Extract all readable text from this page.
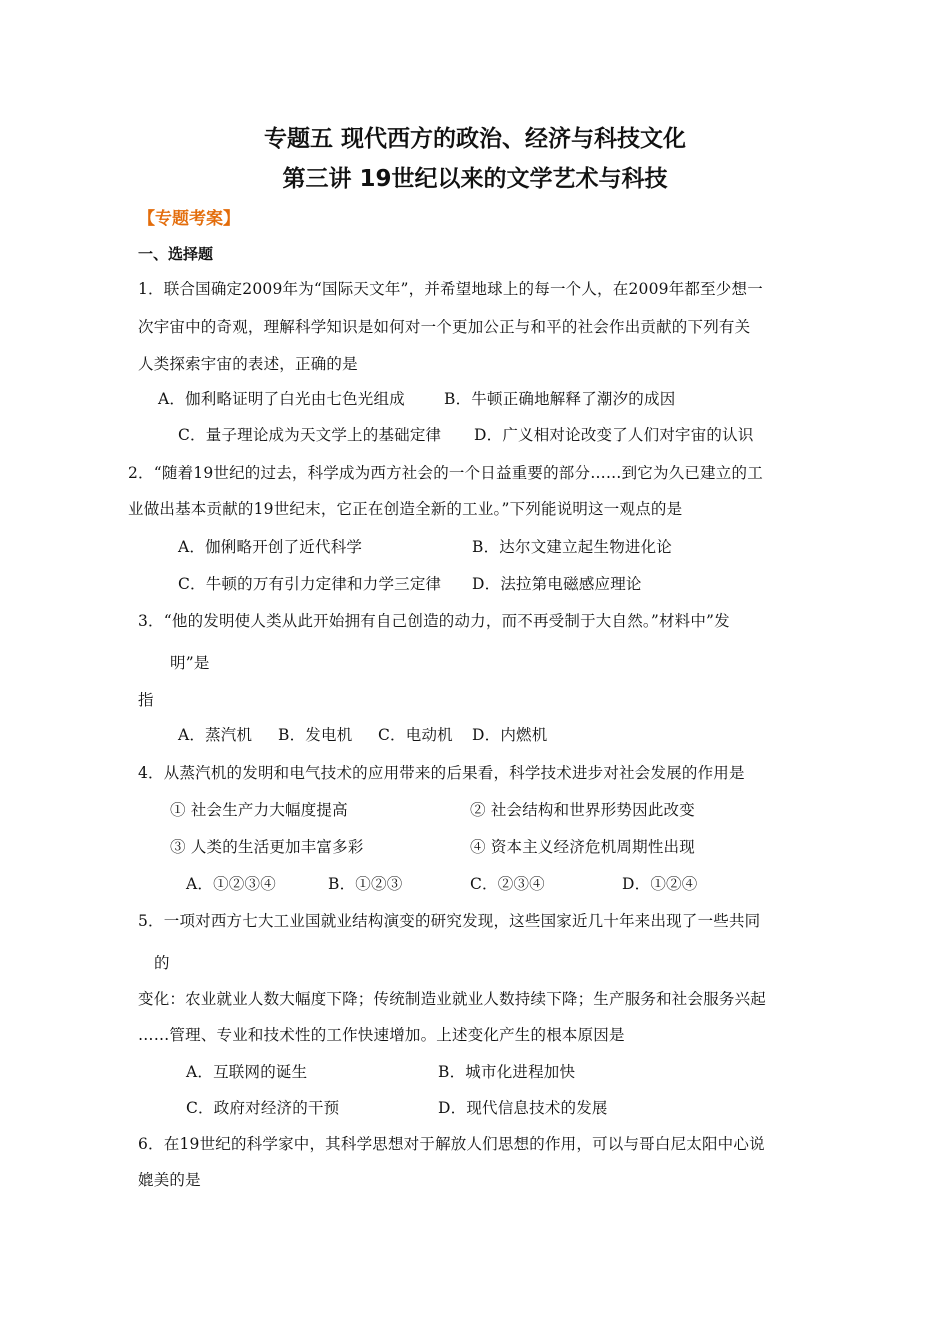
专题五 现代西方的政治、经济与科技文化
第三讲 19世纪以来的文学艺术与科技
【专题考案】
一、选择题
1．联合国确定2009年为“国际天文年”，并希望地球上的每一个人，在2009年都至少想一
次宇宙中的奇观，理解科学知识是如何对一个更加公正与和平的社会作出贡献的下列有关
人类探索宇宙的表述，正确的是
A．伽利略证明了白光由七色光组成	B．牛顿正确地解释了潮汐的成因
C．量子理论成为天文学上的基础定律 D．广义相对论改变了人们对宇宙的认识
2．“随着19世纪的过去，科学成为西方社会的一个日益重要的部分……到它为久已建立的工
业做出基本贡献的19世纪末，它正在创造全新的工业。”下列能说明这一观点的是
A．伽俐略开创了近代科学	B．达尔文建立起生物进化论
C．牛顿的万有引力定律和力学三定律 D．法拉第电磁感应理论
3．“他的发明使人类从此开始拥有自己创造的动力，而不再受制于大自然。”材料中”发
明”是
指
A．蒸汽机 B．发电机 C．电动机 D．内燃机
4．从蒸汽机的发明和电气技术的应用带来的后果看，科学技术进步对社会发展的作用是
① 社会生产力大幅度提高	② 社会结构和世界形势因此改变
③ 人类的生活更加丰富多彩	④ 资本主义经济危机周期性出现
A．①②③④	B．①②③	C．②③④	D．①②④
5．一项对西方七大工业国就业结构演变的研究发现，这些国家近几十年来出现了一些共同
的
变化：农业就业人数大幅度下降；传统制造业就业人数持续下降；生产服务和社会服务兴起
……管理、专业和技术性的工作快速增加。上述变化产生的根本原因是
A．互联网的诞生	B．城市化进程加快
C．政府对经济的干预	D．现代信息技术的发展
6．在19世纪的科学家中，其科学思想对于解放人们思想的作用，可以与哥白尼太阳中心说
媲美的是
